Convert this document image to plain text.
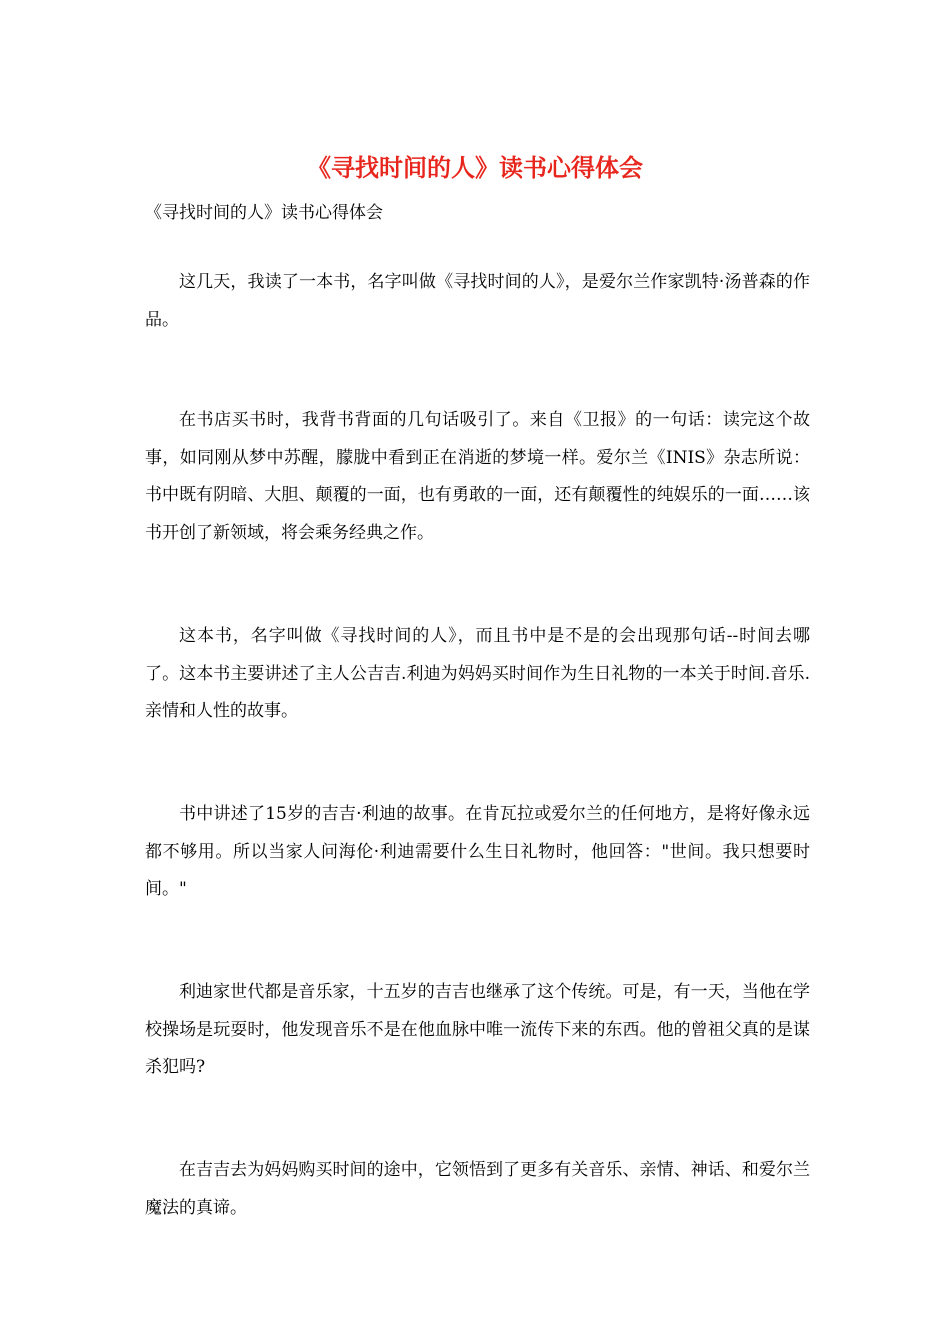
《寻找时间的人》读书心得体会
《寻找时间的人》读书心得体会

这几天，我读了一本书，名字叫做《寻找时间的人》，是爱尔兰作家凯特·汤普森的作品。

在书店买书时，我背书背面的几句话吸引了。来自《卫报》的一句话：读完这个故事，如同刚从梦中苏醒，朦胧中看到正在消逝的梦境一样。爱尔兰《INIS》杂志所说：书中既有阴暗、大胆、颠覆的一面，也有勇敢的一面，还有颠覆性的纯娱乐的一面……该书开创了新领域，将会乘务经典之作。

这本书，名字叫做《寻找时间的人》，而且书中是不是的会出现那句话--时间去哪了。这本书主要讲述了主人公吉吉.利迪为妈妈买时间作为生日礼物的一本关于时间.音乐.亲情和人性的故事。

书中讲述了15岁的吉吉·利迪的故事。在肯瓦拉或爱尔兰的任何地方，是将好像永远都不够用。所以当家人问海伦·利迪需要什么生日礼物时，他回答："世间。我只想要时间。"

利迪家世代都是音乐家，十五岁的吉吉也继承了这个传统。可是，有一天，当他在学校操场是玩耍时，他发现音乐不是在他血脉中唯一流传下来的东西。他的曾祖父真的是谋杀犯吗?

在吉吉去为妈妈购买时间的途中，它领悟到了更多有关音乐、亲情、神话、和爱尔兰魔法的真谛。
